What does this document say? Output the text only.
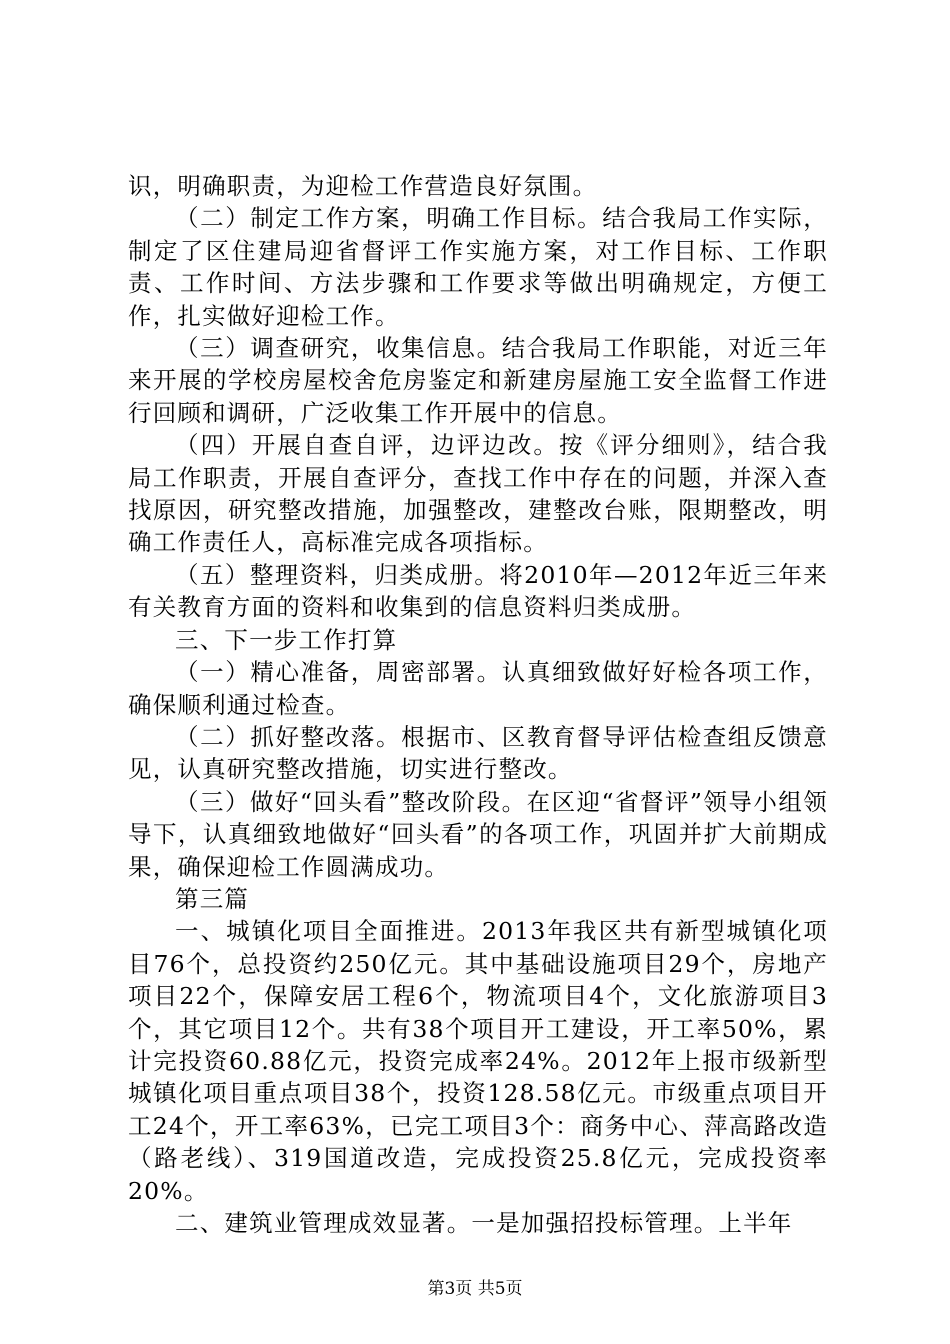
识，明确职责，为迎检工作营造良好氛围。

（二）制定工作方案，明确工作目标。结合我局工作实际，制定了区住建局迎省督评工作实施方案，对工作目标、工作职责、工作时间、方法步骤和工作要求等做出明确规定，方便工作，扎实做好迎检工作。

（三）调查研究，收集信息。结合我局工作职能，对近三年来开展的学校房屋校舍危房鉴定和新建房屋施工安全监督工作进行回顾和调研，广泛收集工作开展中的信息。

（四）开展自查自评，边评边改。按《评分细则》，结合我局工作职责，开展自查评分，查找工作中存在的问题，并深入查找原因，研究整改措施，加强整改，建整改台账，限期整改，明确工作责任人，高标准完成各项指标。

（五）整理资料，归类成册。将2010年—2012年近三年来有关教育方面的资料和收集到的信息资料归类成册。

三、下一步工作打算

（一）精心准备，周密部署。认真细致做好好检各项工作，确保顺利通过检查。

（二）抓好整改落。根据市、区教育督导评估检查组反馈意见，认真研究整改措施，切实进行整改。

（三）做好“回头看”整改阶段。在区迎“省督评”领导小组领导下，认真细致地做好“回头看”的各项工作，巩固并扩大前期成果，确保迎检工作圆满成功。

第三篇

一、城镇化项目全面推进。2013年我区共有新型城镇化项目76个，总投资约250亿元。其中基础设施项目29个，房地产项目22个，保障安居工程6个，物流项目4个，文化旅游项目3个，其它项目12个。共有38个项目开工建设，开工率50%，累计完投资60.88亿元，投资完成率24%。2012年上报市级新型城镇化项目重点项目38个，投资128.58亿元。市级重点项目开工24个，开工率63%，已完工项目3个：商务中心、萍高路改造（路老线）、319国道改造，完成投资25.8亿元，完成投资率20%。

二、建筑业管理成效显著。一是加强招投标管理。上半年

第3页 共5页
